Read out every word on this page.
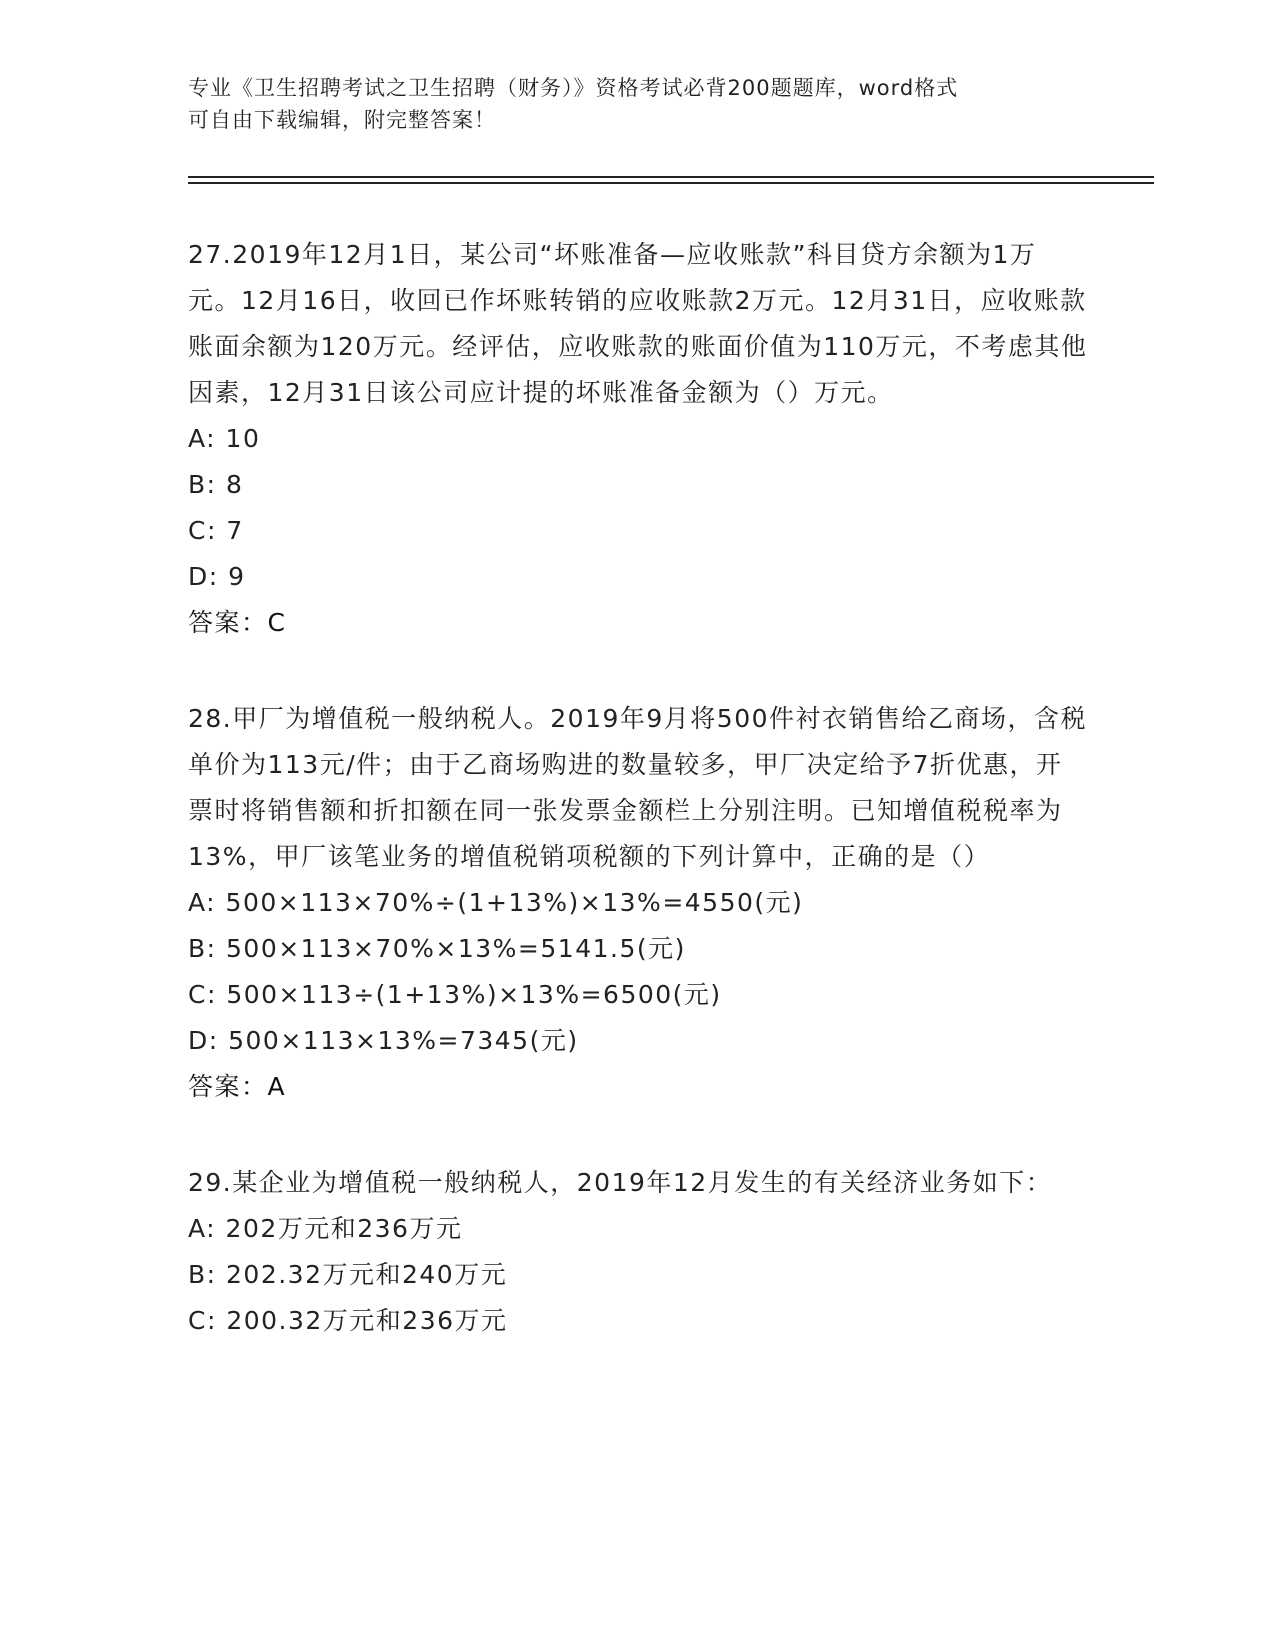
专业《卫生招聘考试之卫生招聘（财务）》资格考试必背200题题库，word格式
可自由下载编辑，附完整答案！

27.2019年12月1日，某公司“坏账准备—应收账款”科目贷方余额为1万元。12月16日，收回已作坏账转销的应收账款2万元。12月31日，应收账款账面余额为120万元。经评估，应收账款的账面价值为110万元，不考虑其他因素，12月31日该公司应计提的坏账准备金额为（）万元。

A: 10

B: 8

C: 7

D: 9

答案：C

28.甲厂为增值税一般纳税人。2019年9月将500件衬衣销售给乙商场，含税单价为113元/件；由于乙商场购进的数量较多，甲厂决定给予7折优惠，开票时将销售额和折扣额在同一张发票金额栏上分别注明。已知增值税税率为13%，甲厂该笔业务的增值税销项税额的下列计算中，正确的是（）

A: 500×113×70%÷(1+13%)×13%=4550(元)

B: 500×113×70%×13%=5141.5(元)

C: 500×113÷(1+13%)×13%=6500(元)

D: 500×113×13%=7345(元)

答案：A

29.某企业为增值税一般纳税人，2019年12月发生的有关经济业务如下：

A: 202万元和236万元

B: 202.32万元和240万元

C: 200.32万元和236万元
